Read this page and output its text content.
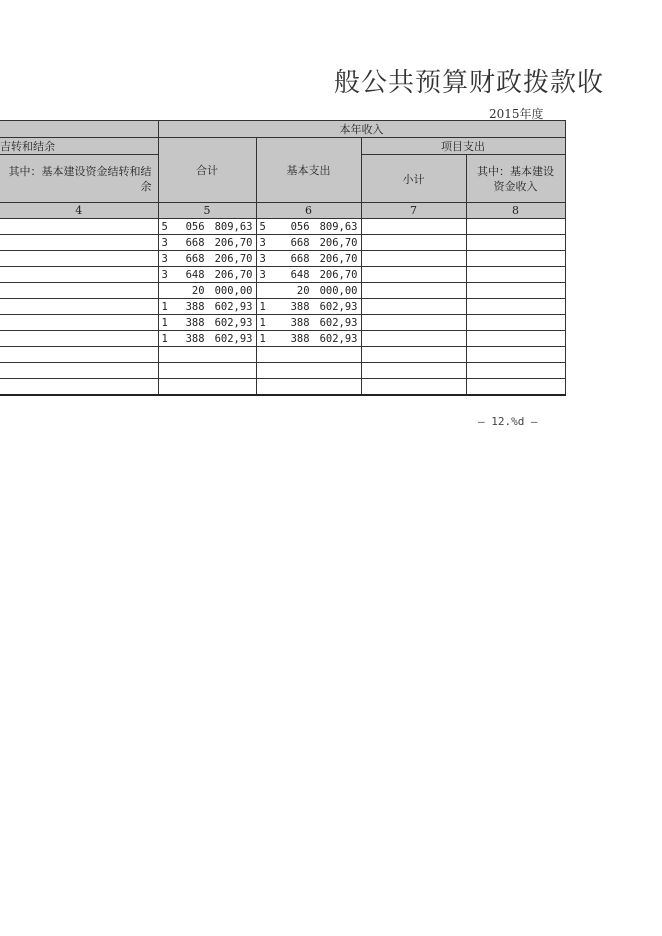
般公共预算财政拨款收
2015年度
	本年收入			
吉转和结余	合计	基本支出	项目支出	
其中：基本建设资金结转和结余			小计	其中：基本建设资金收入
4	5	6	7	8

	5 056 809,63	5 056 809,63		

	3 668 206,70	3 668 206,70		

	3 668 206,70	3 668 206,70		

	3 648 206,70	3 648 206,70		

	20 000,00	20 000,00		

	1 388 602,93	1 388 602,93		

	1 388 602,93	1 388 602,93		

	1 388 602,93	1 388 602,93		

— 12.%d —
